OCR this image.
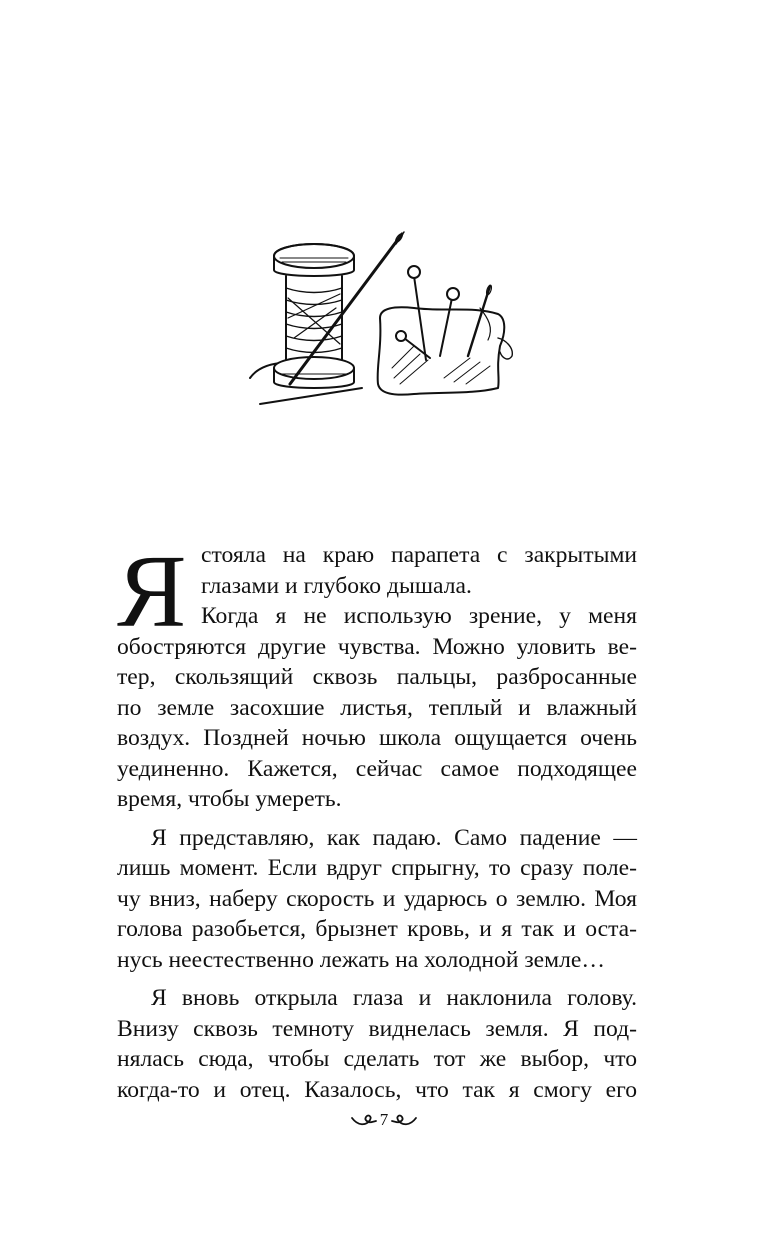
Я стояла на краю парапета с закрытыми
глазами и глубоко дышала.
Когда я не использую зрение, у меня
обостряются другие чувства. Можно уловить ве-
тер, скользящий сквозь пальцы, разбросанные
по земле засохшие листья, теплый и влажный
воздух. Поздней ночью школа ощущается очень
уединенно. Кажется, сейчас самое подходящее
время, чтобы умереть.
Я представляю, как падаю. Само падение —
лишь момент. Если вдруг спрыгну, то сразу поле-
чу вниз, наберу скорость и ударюсь о землю. Моя
голова разобьется, брызнет кровь, и я так и оста-
нусь неестественно лежать на холодной земле…
Я вновь открыла глаза и наклонила голову.
Внизу сквозь темноту виднелась земля. Я под-
нялась сюда, чтобы сделать тот же выбор, что
когда-то и отец. Казалось, что так я смогу его
7
